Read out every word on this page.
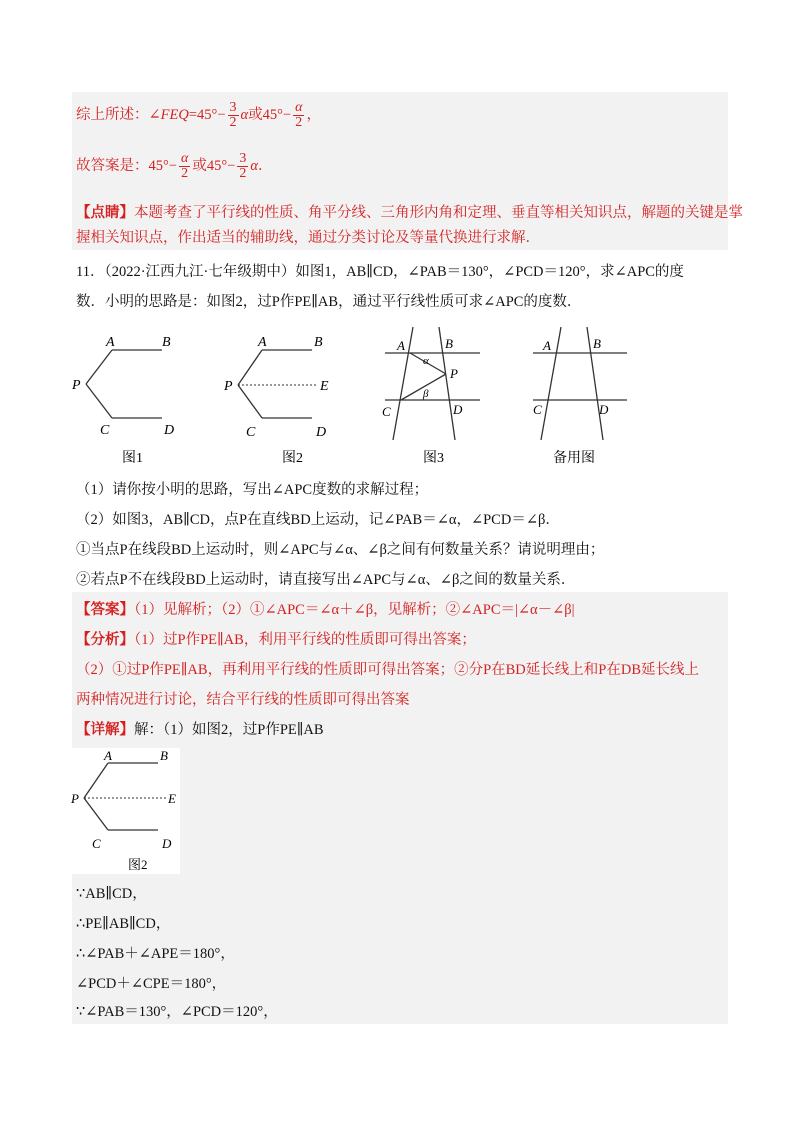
综上所述：∠FEQ=45°− $\frac{3}{2}$ α或$45^\circ- \frac{\alpha}{2}$ ，
故答案是：$45^\circ- \frac{\alpha}{2}$ 或$45^\circ- \frac{3}{2}$ α．
【点睛】本题考查了平行线的性质、角平分线、三角形内角和定理、垂直等相关知识点，解题的关键是掌
握相关知识点，作出适当的辅助线，通过分类讨论及等量代换进行求解．
11．（2022·江西九江·七年级期中）如图1，AB∥CD，∠PAB＝130°，∠PCD＝120°，求∠APC的度
数．小明的思路是：如图2，过P作PE∥AB，通过平行线性质可求∠APC的度数．
A	B
P
C	D
图1
A	B
P	E
C	D
图2
A	B
α
P
β
C	D
图3
A	B
C	D
备用图
（1）请你按小明的思路，写出∠APC度数的求解过程；
（2）如图3，AB∥CD，点P在直线BD上运动，记∠PAB＝∠α，∠PCD＝∠β．
①当点P在线段BD上运动时，则∠APC与∠α、∠β之间有何数量关系？请说明理由；
②若点P不在线段BD上运动时，请直接写出∠APC与∠α、∠β之间的数量关系．
【答案】（1）见解析；（2）①∠APC＝∠α＋∠β，见解析；②∠APC＝|∠α－∠β|
【分析】（1）过P作PE∥AB，利用平行线的性质即可得出答案；
（2）①过P作PE∥AB，再利用平行线的性质即可得出答案；②分P在BD延长线上和P在DB延长线上
两种情况进行讨论，结合平行线的性质即可得出答案
【详解】解：（1）如图2，过P作PE∥AB
A	B
P	E
C	D
图2
∵AB∥CD，
∴PE∥AB∥CD，
∴∠PAB＋∠APE＝180°，
∠PCD＋∠CPE＝180°，
∵∠PAB＝130°，∠PCD＝120°，
